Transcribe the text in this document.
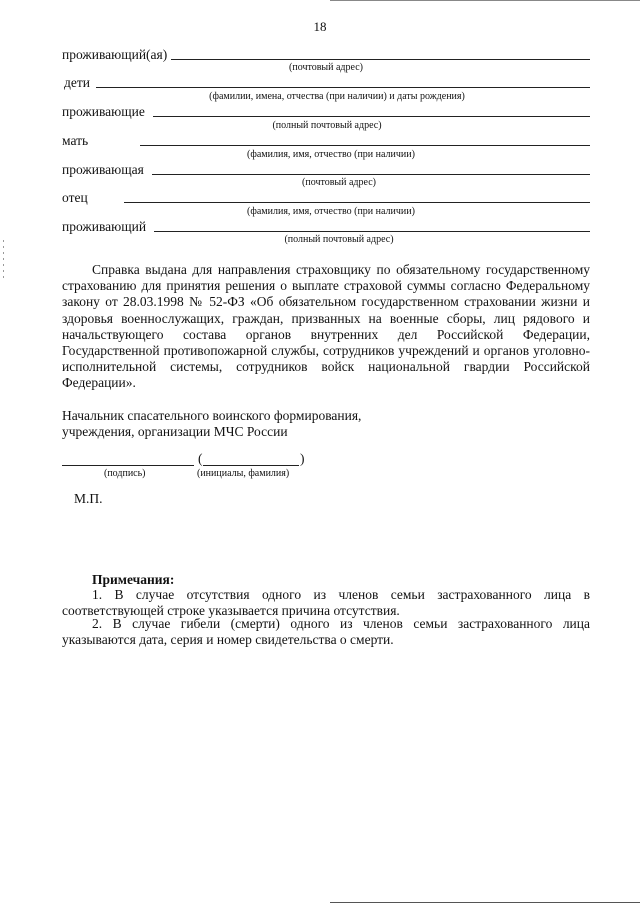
18
проживающий(ая)
(почтовый адрес)
дети
(фамилии, имена, отчества (при наличии) и даты рождения)
проживающие
(полный почтовый адрес)
мать
(фамилия, имя, отчество (при наличии)
проживающая
(почтовый адрес)
отец
(фамилия, имя, отчество (при наличии)
проживающий
(полный почтовый адрес)
Справка выдана для направления страховщику по обязательному государственному страхованию для принятия решения о выплате страховой суммы согласно Федеральному закону от 28.03.1998 № 52-ФЗ «Об обязательном государственном страховании жизни и здоровья военнослужащих, граждан, призванных на военные сборы, лиц рядового и начальствующего состава органов внутренних дел Российской Федерации, Государственной противопожарной службы, сотрудников учреждений и органов уголовно-исполнительной системы, сотрудников войск национальной гвардии Российской Федерации».
Начальник спасательного воинского формирования,
учреждения, организации МЧС России
(	)
(подпись)	(инициалы, фамилия)
М.П.
Примечания:
1. В случае отсутствия одного из членов семьи застрахованного лица в соответствующей строке указывается причина отсутствия.
2. В случае гибели (смерти) одного из членов семьи застрахованного лица указываются дата, серия и номер свидетельства о смерти.
